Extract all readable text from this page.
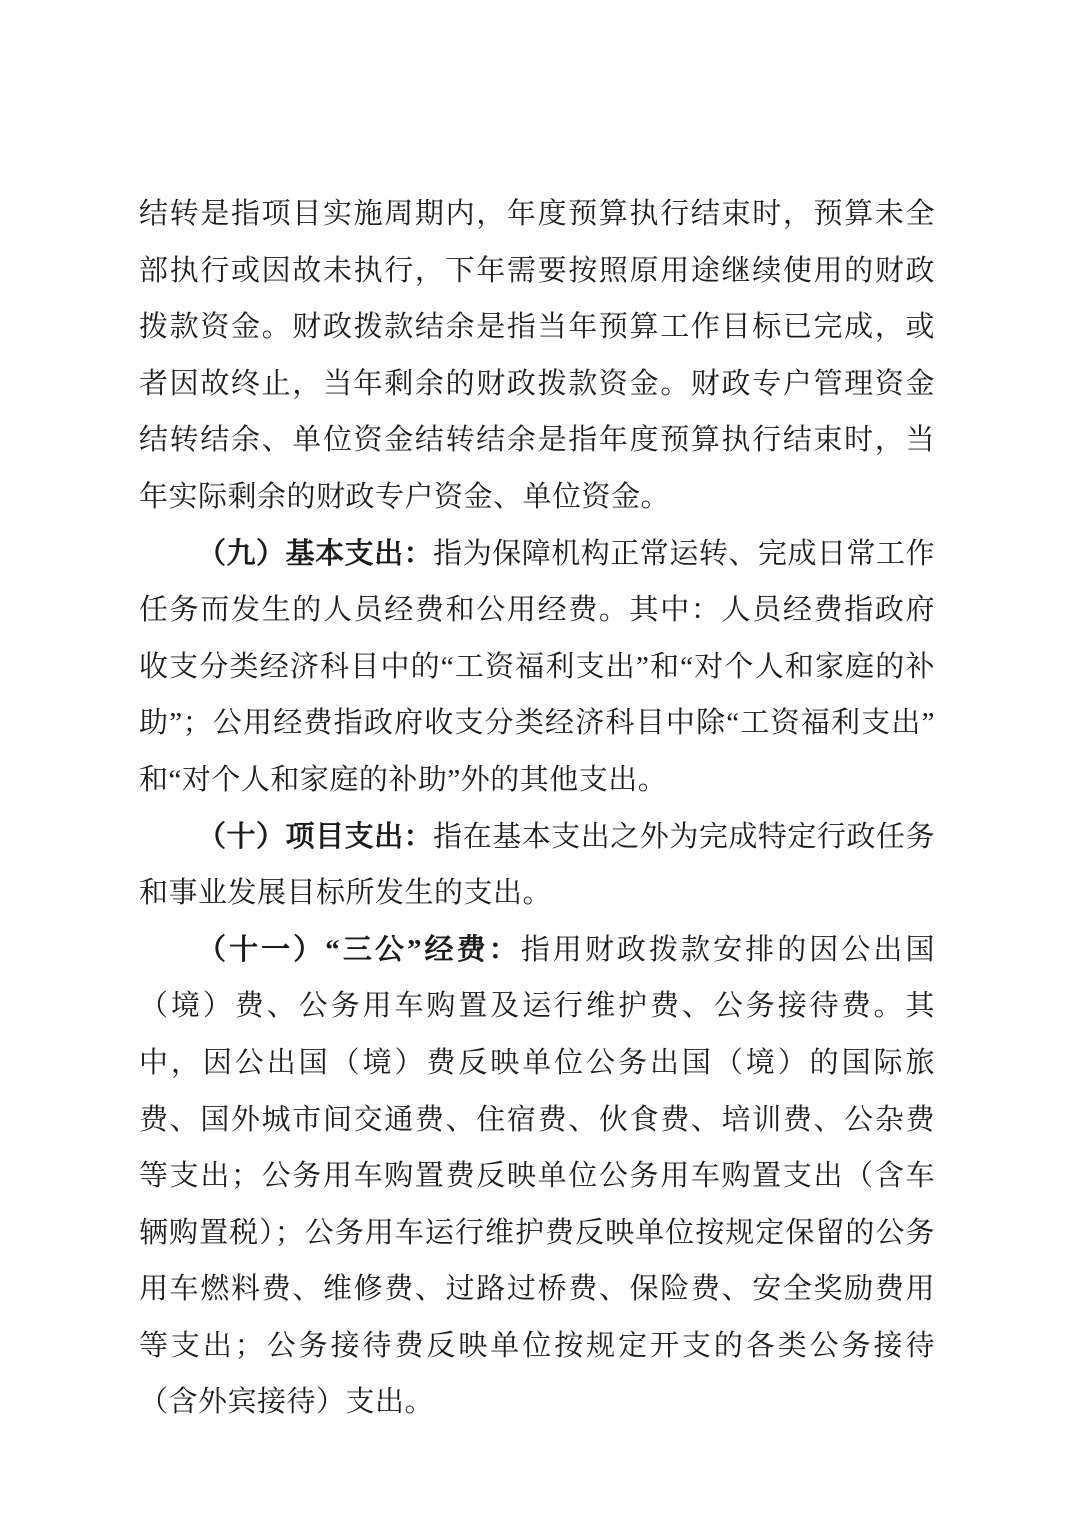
结转是指项目实施周期内，年度预算执行结束时，预算未全部执行或因故未执行，下年需要按照原用途继续使用的财政拨款资金。财政拨款结余是指当年预算工作目标已完成，或者因故终止，当年剩余的财政拨款资金。财政专户管理资金结转结余、单位资金结转结余是指年度预算执行结束时，当年实际剩余的财政专户资金、单位资金。

（九）基本支出：指为保障机构正常运转、完成日常工作任务而发生的人员经费和公用经费。其中：人员经费指政府收支分类经济科目中的“工资福利支出”和“对个人和家庭的补助”；公用经费指政府收支分类经济科目中除“工资福利支出”和“对个人和家庭的补助”外的其他支出。

（十）项目支出：指在基本支出之外为完成特定行政任务和事业发展目标所发生的支出。

（十一）“三公”经费：指用财政拨款安排的因公出国（境）费、公务用车购置及运行维护费、公务接待费。其中，因公出国（境）费反映单位公务出国（境）的国际旅费、国外城市间交通费、住宿费、伙食费、培训费、公杂费等支出；公务用车购置费反映单位公务用车购置支出（含车辆购置税）；公务用车运行维护费反映单位按规定保留的公务用车燃料费、维修费、过路过桥费、保险费、安全奖励费用等支出；公务接待费反映单位按规定开支的各类公务接待（含外宾接待）支出。
